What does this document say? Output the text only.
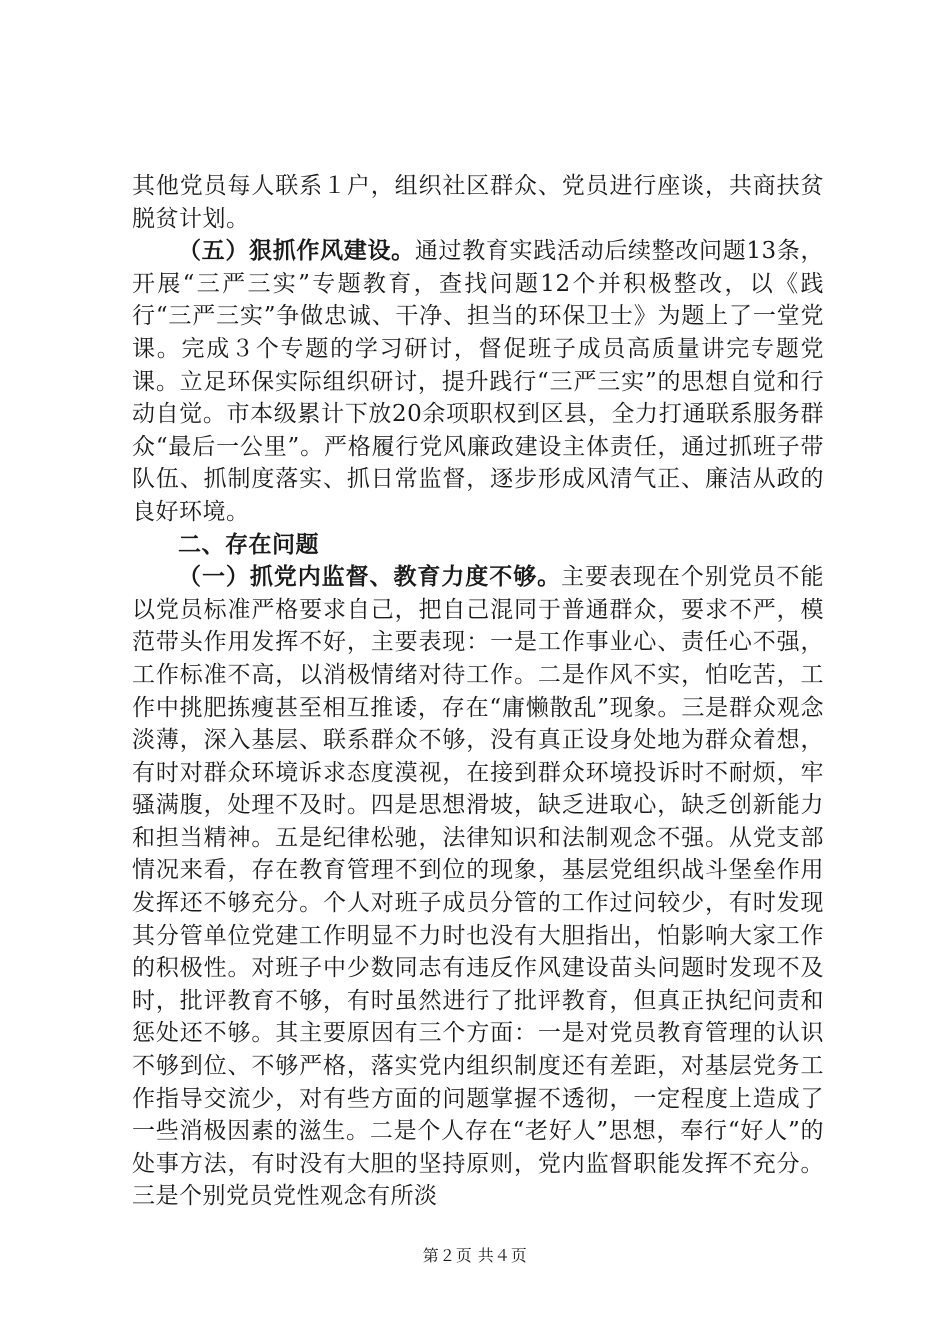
其他党员每人联系１户，组织社区群众、党员进行座谈，共商扶贫脱贫计划。

（五）狠抓作风建设。通过教育实践活动后续整改问题13条，开展“三严三实”专题教育，查找问题12个并积极整改，以《践行“三严三实”争做忠诚、干净、担当的环保卫士》为题上了一堂党课。完成３个专题的学习研讨，督促班子成员高质量讲完专题党课。立足环保实际组织研讨，提升践行“三严三实”的思想自觉和行动自觉。市本级累计下放20余项职权到区县，全力打通联系服务群众“最后一公里”。严格履行党风廉政建设主体责任，通过抓班子带队伍、抓制度落实、抓日常监督，逐步形成风清气正、廉洁从政的良好环境。

二、存在问题

（一）抓党内监督、教育力度不够。主要表现在个别党员不能以党员标准严格要求自己，把自己混同于普通群众，要求不严，模范带头作用发挥不好，主要表现：一是工作事业心、责任心不强，工作标准不高，以消极情绪对待工作。二是作风不实，怕吃苦，工作中挑肥拣瘦甚至相互推诿，存在“庸懒散乱”现象。三是群众观念淡薄，深入基层、联系群众不够，没有真正设身处地为群众着想，有时对群众环境诉求态度漠视，在接到群众环境投诉时不耐烦，牢骚满腹，处理不及时。四是思想滑坡，缺乏进取心，缺乏创新能力和担当精神。五是纪律松驰，法律知识和法制观念不强。从党支部情况来看，存在教育管理不到位的现象，基层党组织战斗堡垒作用发挥还不够充分。个人对班子成员分管的工作过问较少，有时发现其分管单位党建工作明显不力时也没有大胆指出，怕影响大家工作的积极性。对班子中少数同志有违反作风建设苗头问题时发现不及时，批评教育不够，有时虽然进行了批评教育，但真正执纪问责和惩处还不够。其主要原因有三个方面：一是对党员教育管理的认识不够到位、不够严格，落实党内组织制度还有差距，对基层党务工作指导交流少，对有些方面的问题掌握不透彻，一定程度上造成了一些消极因素的滋生。二是个人存在“老好人”思想，奉行“好人”的处事方法，有时没有大胆的坚持原则，党内监督职能发挥不充分。三是个别党员党性观念有所淡

第２页 共４页
